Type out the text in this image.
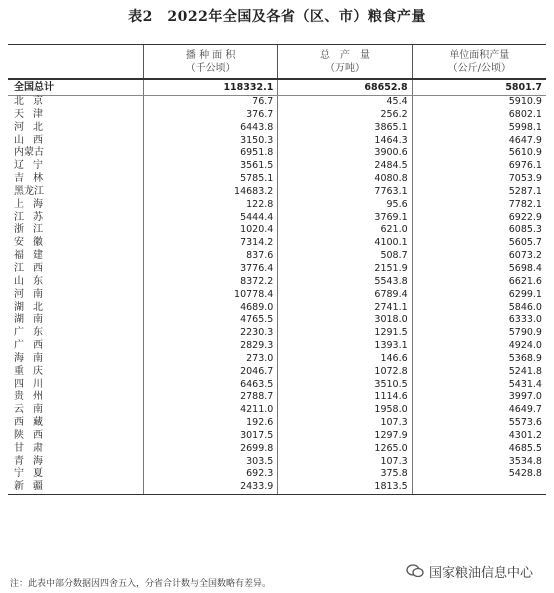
表2　2022年全国及各省（区、市）粮食产量
播 种 面 积
（千公顷）
总　产　量
（万吨）
单位面积产量
（公斤/公顷）
全国总计	118332.1	68652.8	5801.7
北京	76.7	45.4	5910.9
天津	376.7	256.2	6802.1
河北	6443.8	3865.1	5998.1
山西	3150.3	1464.3	4647.9
内蒙古	6951.8	3900.6	5610.9
辽宁	3561.5	2484.5	6976.1
吉林	5785.1	4080.8	7053.9
黑龙江	14683.2	7763.1	5287.1
上海	122.8	95.6	7782.1
江苏	5444.4	3769.1	6922.9
浙江	1020.4	621.0	6085.3
安徽	7314.2	4100.1	5605.7
福建	837.6	508.7	6073.2
江西	3776.4	2151.9	5698.4
山东	8372.2	5543.8	6621.6
河南	10778.4	6789.4	6299.1
湖北	4689.0	2741.1	5846.0
湖南	4765.5	3018.0	6333.0
广东	2230.3	1291.5	5790.9
广西	2829.3	1393.1	4924.0
海南	273.0	146.6	5368.9
重庆	2046.7	1072.8	5241.8
四川	6463.5	3510.5	5431.4
贵州	2788.7	1114.6	3997.0
云南	4211.0	1958.0	4649.7
西藏	192.6	107.3	5573.6
陕西	3017.5	1297.9	4301.2
甘肃	2699.8	1265.0	4685.5
青海	303.5	107.3	3534.8
宁夏	692.3	375.8	5428.8
新疆	2433.9	1813.5
注：此表中部分数据因四舍五入，分省合计数与全国数略有差异。
国家粮油信息中心
